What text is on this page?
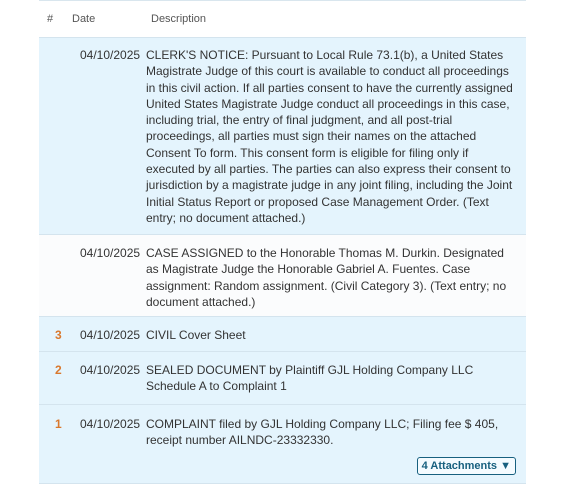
# Date	Description
04/10/2025 CLERK'S NOTICE: Pursuant to Local Rule 73.1(b), a United States Magistrate Judge of this court is available to conduct all proceedings in this civil action. If all parties consent to have the currently assigned United States Magistrate Judge conduct all proceedings in this case, including trial, the entry of final judgment, and all post-trial proceedings, all parties must sign their names on the attached Consent To form. This consent form is eligible for filing only if executed by all parties. The parties can also express their consent to jurisdiction by a magistrate judge in any joint filing, including the Joint Initial Status Report or proposed Case Management Order. (Text entry; no document attached.)
04/10/2025 CASE ASSIGNED to the Honorable Thomas M. Durkin. Designated as Magistrate Judge the Honorable Gabriel A. Fuentes. Case assignment: Random assignment. (Civil Category 3). (Text entry; no document attached.)
3 04/10/2025 CIVIL Cover Sheet
2 04/10/2025 SEALED DOCUMENT by Plaintiff GJL Holding Company LLC Schedule A to Complaint 1
1 04/10/2025 COMPLAINT filed by GJL Holding Company LLC; Filing fee $ 405, receipt number AILNDC-23332330.
4 Attachments ▼
